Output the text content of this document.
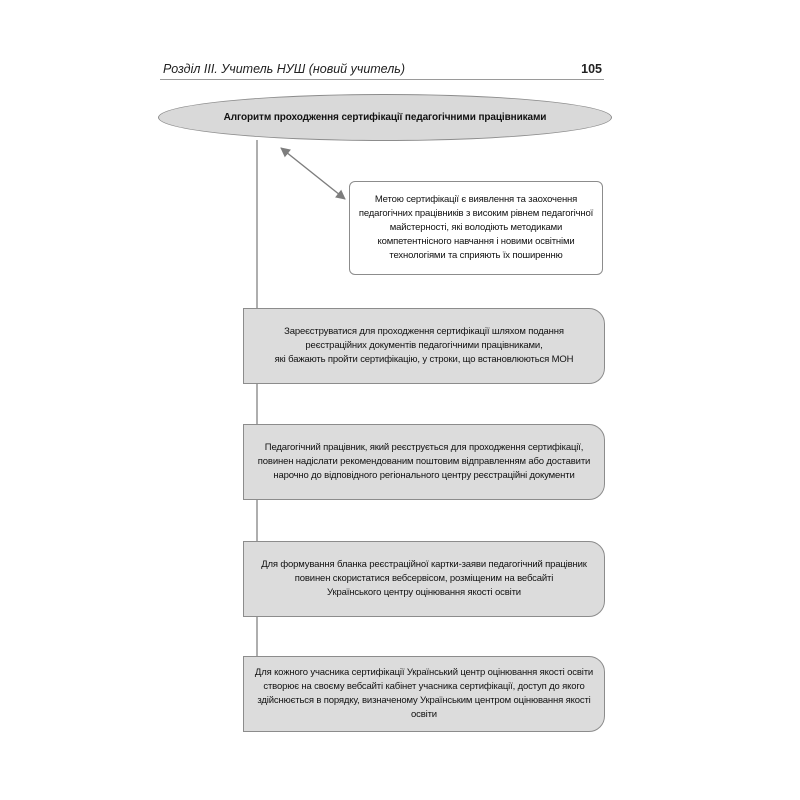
Розділ III. Учитель НУШ (новий учитель)	105
Алгоритм проходження сертифікації педагогічними працівниками

Метою сертифікації є виявлення та заохочення
педагогічних працівників з високим рівнем педагогічної
майстерності, які володіють методиками
компетентнісного навчання і новими освітніми
технологіями та сприяють їх поширенню

Зареєструватися для проходження сертифікації шляхом подання
реєстраційних документів педагогічними працівниками,
які бажають пройти сертифікацію, у строки, що встановлюються МОН

Педагогічний працівник, який реєструється для проходження сертифікації,
повинен надіслати рекомендованим поштовим відправленням або доставити
нарочно до відповідного регіонального центру реєстраційні документи

Для формування бланка реєстраційної картки-заяви педагогічний працівник
повинен скористатися вебсервісом, розміщеним на вебсайті
Українського центру оцінювання якості освіти

Для кожного учасника сертифікації Український центр оцінювання якості освіти
створює на своєму вебсайті кабінет учасника сертифікації, доступ до якого
здійснюється в порядку, визначеному Українським центром оцінювання якості освіти
